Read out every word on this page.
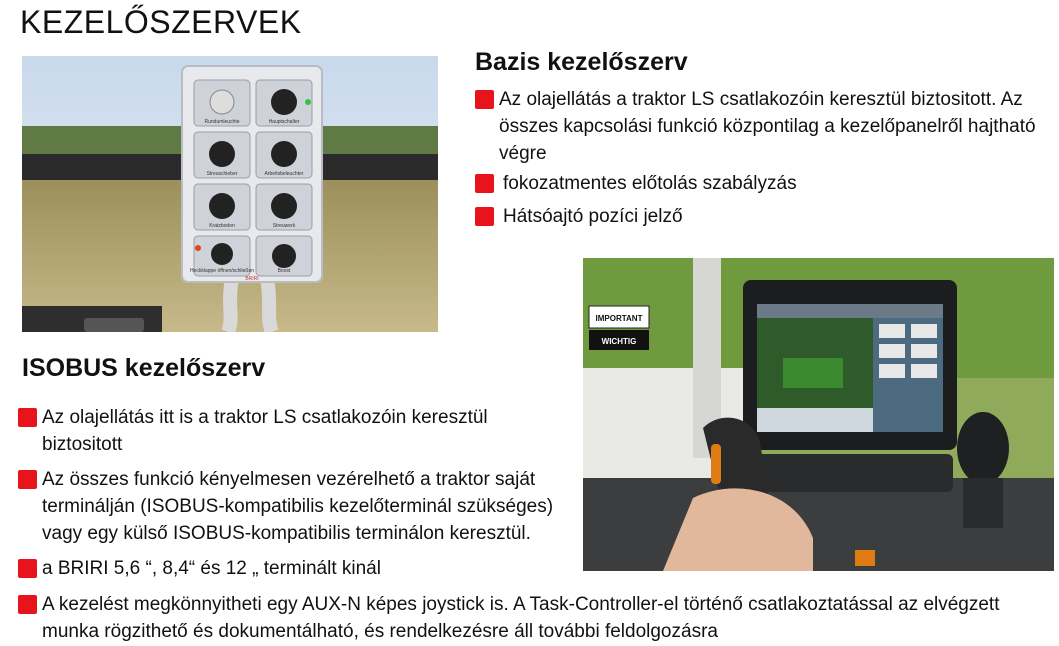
KEZELŐSZERVEK
Rundumleuchte	Hauptschalter
Streuschieber	Arbeitsbeleuchter
Kratzboden	Streuwerk
Heckklappe öffnen/schließen	Boost
BRIRI
IMPORTANT
WICHTIG
Bazis kezelőszerv
Az olajellátás a traktor LS csatlakozóin keresztül biztositott. Az összes kapcsolási funkció központilag a kezelőpanelről hajtható végre
fokozatmentes előtolás szabályzás
Hátsóajtó pozíci jelző
ISOBUS kezelőszerv
Az olajellátás itt is a traktor LS csatlakozóin keresztül biztositott
Az összes funkció kényelmesen vezérelhető a traktor saját terminálján (ISOBUS-kompatibilis kezelőterminál szükséges) vagy egy külső ISOBUS-kompatibilis terminálon keresztül.
a BRIRI 5,6 “, 8,4“ és 12 „ terminált kinál
A kezelést megkönnyitheti egy AUX-N képes joystick is. A Task-Controller-el történő csatlakoztatással az elvégzett munka rögzithető és dokumentálható, és rendelkezésre áll további feldolgozásra
